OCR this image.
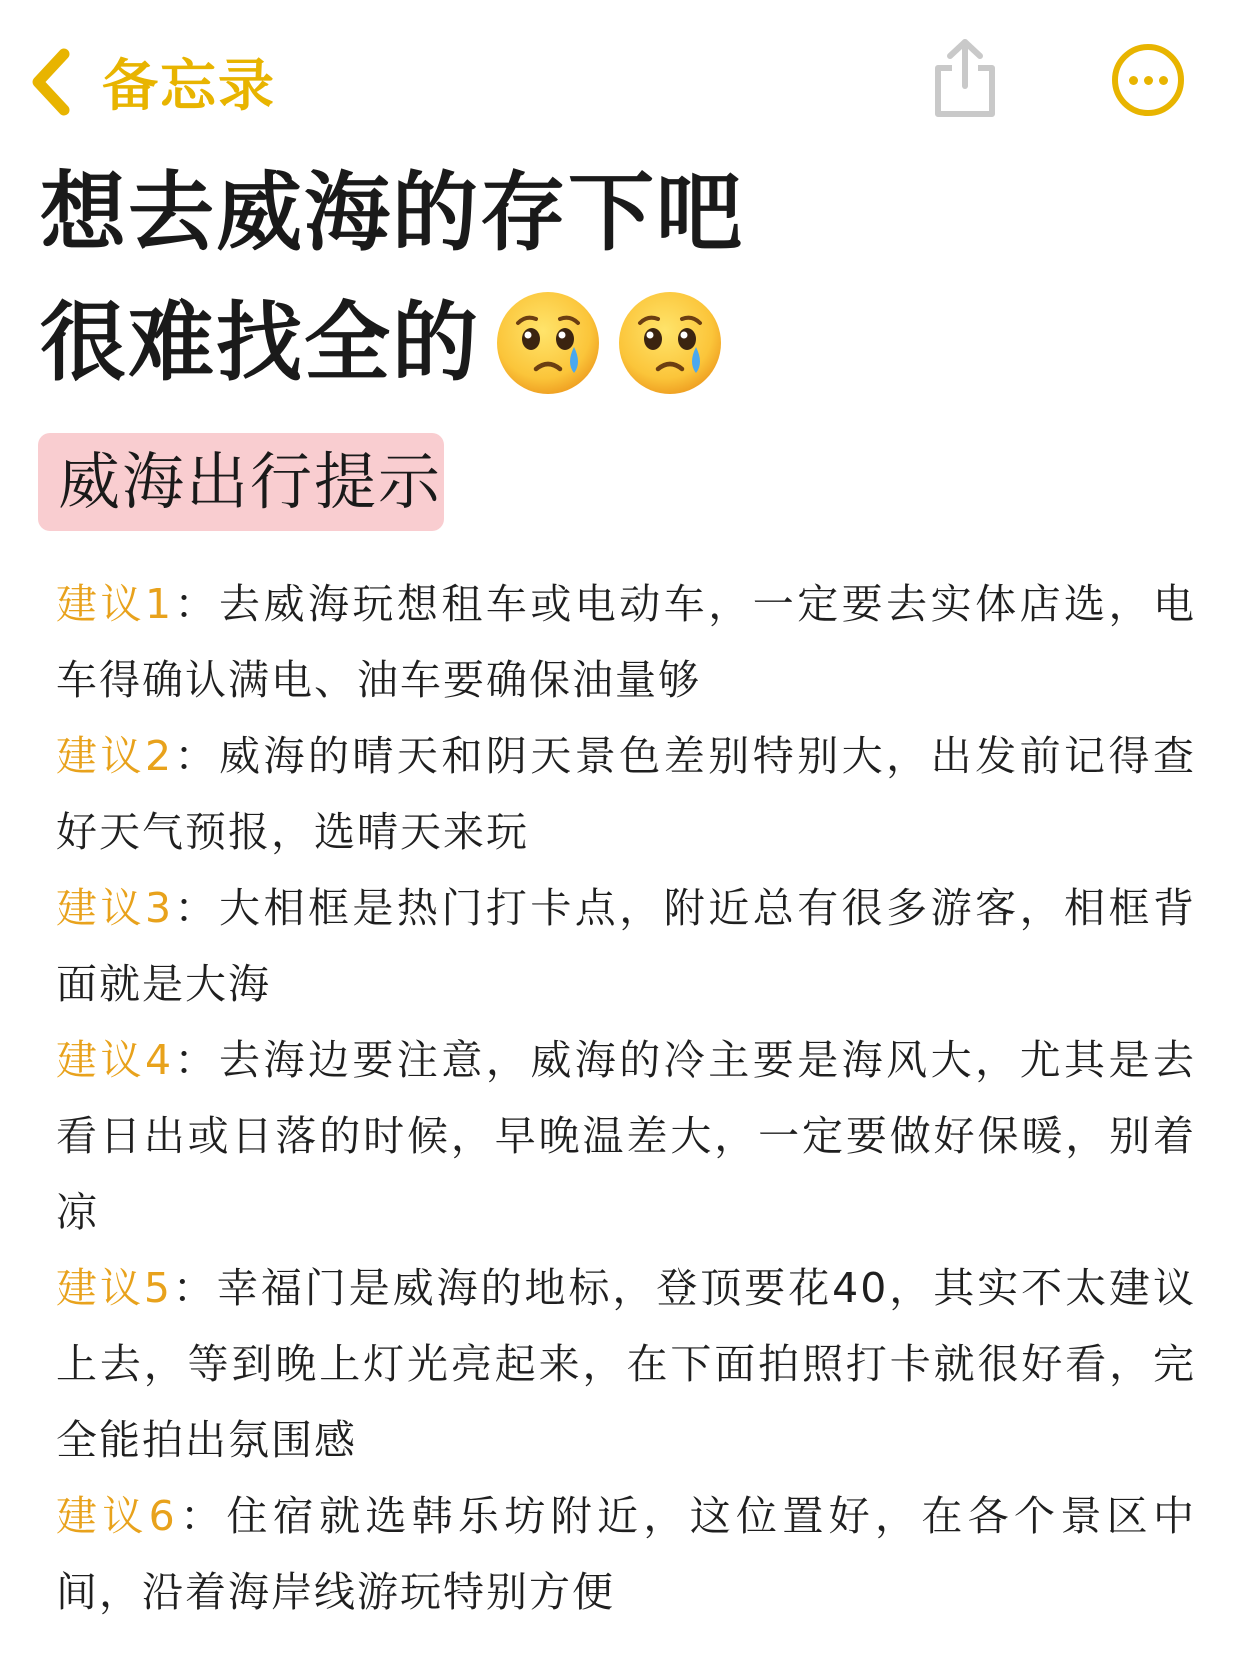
备忘录
想去威海的存下吧
很难找全的
威海出行提示

建议1：去威海玩想租车或电动车，一定要去实体店选，电车得确认满电、油车要确保油量够

建议2：威海的晴天和阴天景色差别特别大，出发前记得查好天气预报，选晴天来玩

建议3：大相框是热门打卡点，附近总有很多游客，相框背面就是大海

建议4：去海边要注意，威海的冷主要是海风大，尤其是去看日出或日落的时候，早晚温差大，一定要做好保暖，别着凉

建议5：幸福门是威海的地标，登顶要花40，其实不太建议上去，等到晚上灯光亮起来，在下面拍照打卡就很好看，完全能拍出氛围感

建议6：住宿就选韩乐坊附近，这位置好，在各个景区中间，沿着海岸线游玩特别方便
